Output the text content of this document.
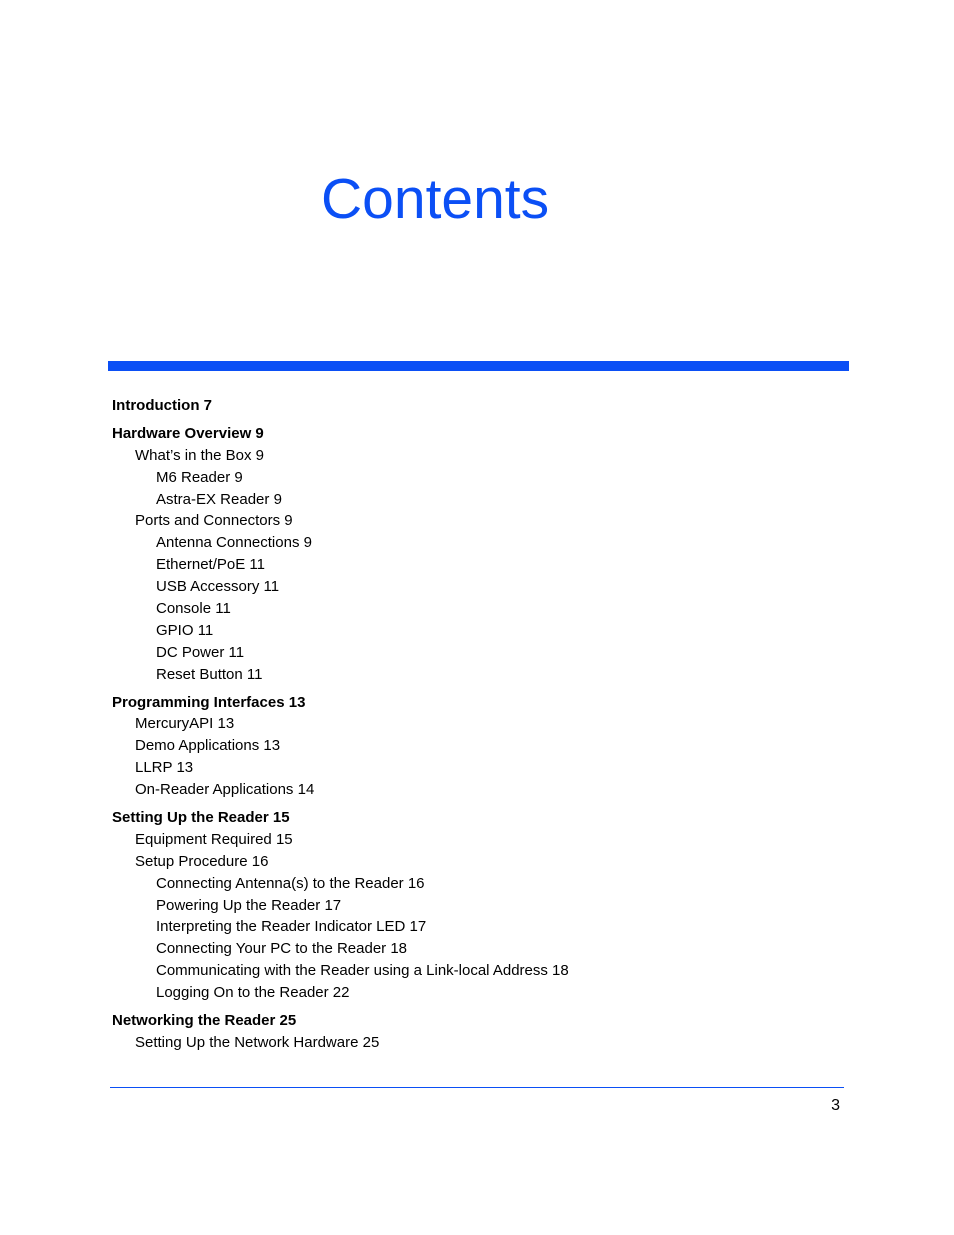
Contents
Introduction 7
Hardware Overview 9
What’s in the Box 9
M6 Reader 9
Astra-EX Reader 9
Ports and Connectors 9
Antenna Connections 9
Ethernet/PoE 11
USB Accessory 11
Console 11
GPIO 11
DC Power 11
Reset Button 11
Programming Interfaces 13
MercuryAPI 13
Demo Applications 13
LLRP 13
On-Reader Applications 14
Setting Up the Reader 15
Equipment Required 15
Setup Procedure 16
Connecting Antenna(s) to the Reader 16
Powering Up the Reader 17
Interpreting the Reader Indicator LED 17
Connecting Your PC to the Reader 18
Communicating with the Reader using a Link-local Address 18
Logging On to the Reader 22
Networking the Reader 25
Setting Up the Network Hardware 25
3
